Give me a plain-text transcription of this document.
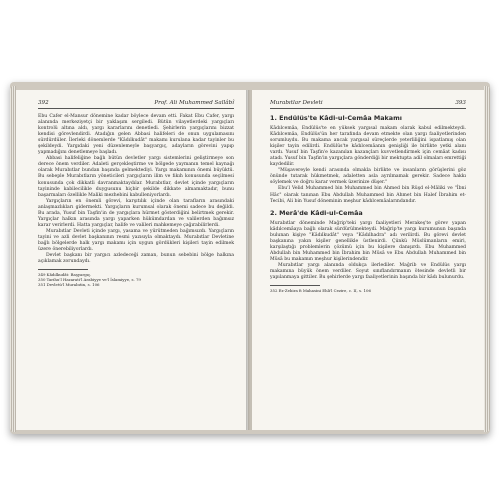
392	Prof. Ali Muhammed Sallâbî

Ebu Cafer el-Mansur dönemine kadar böylece devam etti. Fakat Ebu Cafer, yargı alanında merkeziyetçi bir yaklaşım sergiledi. Bütün vilayetlerdeki yargıçları kontrolü altına aldı, yargı kararlarını denetledi. Şehirlerin yargıçlarını bizzat kendisi görevlendirdi. Atadığın gelen Abbasi halifeleri de onun uygulamasını sürdürdüler. İlerleki dönemlerde "Kâdılkudât" makamı kurulana kadar tayinler bu şekildeydi. Yargıdaki yeni düzenlemeyle başyargıç, adayların görevini yapıp yapmadığını denetlemeye başladı.

Abbasi halifeliğine bağlı bütün devletler yargı sistemlerini geliştirmeye son derece önem verdiler. Adaleti gerçekleştirme ve bölgede yaymanın temel kaynağı olarak Murabıtlar bundan başında gelmektediyi. Yargı makamının önemi büyüktü. Bu sebeple Murabıtların yöneticileri yargıçların ilim ve fıkıh konusunda seçilmesi konusunda çok dikkatli davranmaktaydılar. Murabıtlar, devlet içinde yargıçların tayininde kabilecilikle duygusunu hiçbir şekilde dikkate almamaktadır, bunu başarmaları özellikle Maliki mezhebini kabulleniyorlardı.

Yargıçların en önemli görevi, karşıtılık içinde olan tarafların arasındaki anlaşmazlıkları gidermekti. Yargıçların kurumsal olarak önemi sadece bu değildi. Bu arada, Yusuf bin Taşfin'in de yargıçlara hürmet gösterdiğini belirtmek gerekir. Yargıçlar halkın arasında yargı yaparken hükümdardan ve valilerden bağımsız karar verirlerdi. Hatta yargıçlar, halife ve valileri mahkemeye çağırabilirlerdi.

Murabıtlar Devleti içinde yargı, yasama ve yürütmeden bağımsızdı. Yargıçların tayini ve azli devlet başkanının resmi yazısıyla olmaktaydı. Murabıtlar Devletine bağlı bölgelerde halk yargı makamı için uygun gördükleri kişileri tayin edilmek üzere önerebiliyorlardı.

Devlet başkanı bir yargıcı azledeceği zaman, bunun sebebini bölge halkına açıklamak zorundaydı.

349 Kâdılkudât: Başyargıç.

350 Tarihu'l Hazarati'l Arabiyye ve'l İslamiyye, s. 79

351 Devletü'l Murabıtin, s. 106

Murabıtlar Devleti	393
1. Endülüs'te Kâdi-ul-Cemâa Makamı

Kâdılcemâa, Endülüs'te en yüksek yargısal makam olarak kabul edilmekteydi. Kâdılcemâa, Endülüs'ün her tarafında devam etmekte olan yargı faaliyetlerinden sorumluydu. Bu makama ancak yargısal süreçlerde yeterliliğini ispatlamış olan kişiler tayin edilirdi. Endülüs'te kâdılcemâanın genişliği ile birlikte yetki alanı vardı. Yusuf bin Taşfin'e kazanılan kazançları kuvvetlendirmek için cemâat kadısı atadı. Yusuf bin Taşfin'in yargıçlara gönderdiği bir mektupta adil olmaları emrettiği kaydedilir.

"Müşavereyle kendi arasında olmakla birlikte ve insanların görüşlerini göz önünde tutarak hükmetmek, adaletten asla ayrılmamak gerekir. Sadece hakkı söylemek ve doğru karar vermek üzerinize düşer."

Ebu'l Velid Muhammed bin Muhammed bin Ahmed bin Rüşd el-Mâliki ve "İbni Hâc" olarak tanınan Ebu Abdullah Muhammed bin Ahmet bin Halef İbrahim et-Tecibi, Ali bin Yusuf döneminin meşhur kâdılcemâalarındandır.

2. Merâ'de Kâdi-ul-Cemâa

Murabıtlar döneminde Mağrip'teki yargı faaliyetleri Merakeş'te görev yapan kâdılcemâaya bağlı olarak sürdürülmekteydi. Mağrip'te yargı kurumunun başında bulunan kişiye "Kâdılkudât" veya "Kâdılhadra" adı verilirdi. Bu görevi devlet başkanına yakın kişiler genellikle üstlenirdi. Çünkü Müslümanların emiri, karşılaştığı problemlerin çözümü için bu kişilere danışırdı. Ebu Muhammed Abdullah bin Muhammed bin İbrahim bin Mûsâ ve Ebu Abdullah Muhammed bin Mûsâ bu makamın meşhur kişilerindendir.

Murabıtlar yargı alanında oldukça ilerlediler. Mağrib ve Endülüs yargı makamına büyük önem verdiler. Soyut sınıflandırmanın ötesinde devletli bir yapılanmaya gittiler. Bu şehirlerde yargı faaliyetlerinin başında bir kâdı bulunurdu.

352 Ez-Zehira fi Mahasini Ehli'l Cezire, c. II, s. 106
